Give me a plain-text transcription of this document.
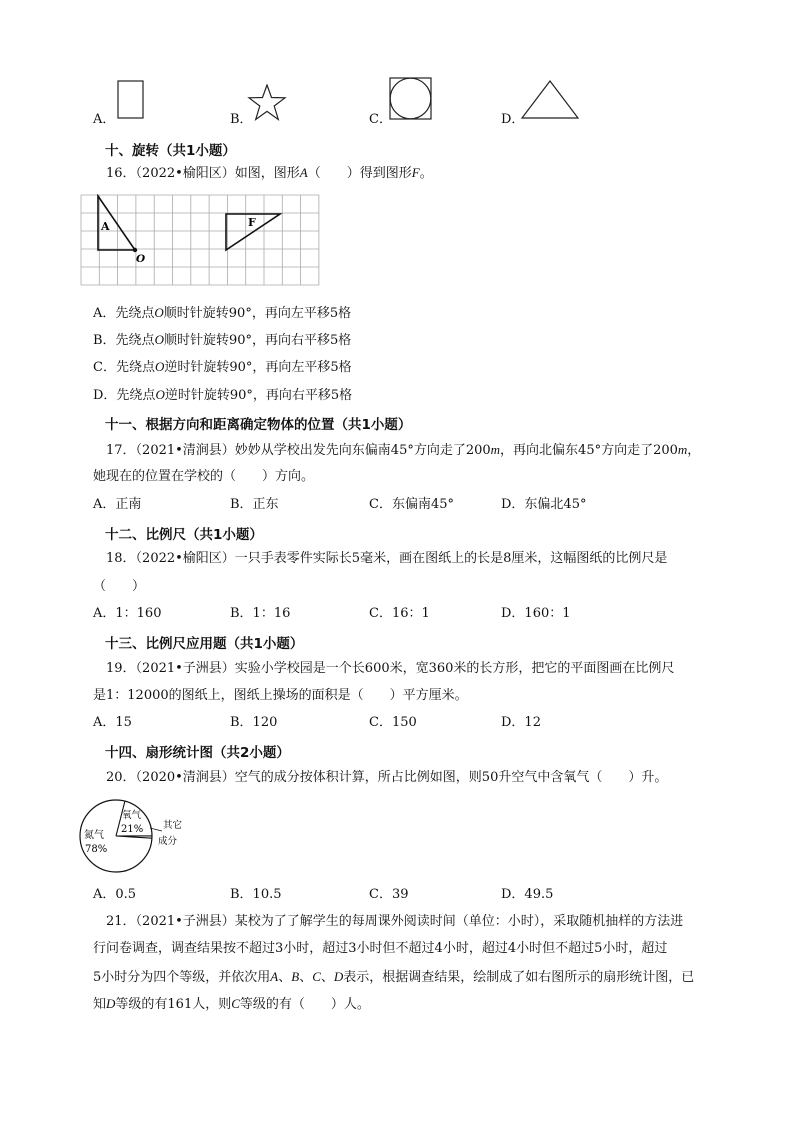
A．	B．	C．	D．
十、旋转（共1小题）
16．（2022•榆阳区）如图，图形A（　　）得到图形F。
A
O
F
A．先绕点O顺时针旋转90°，再向左平移5格
B．先绕点O顺时针旋转90°，再向右平移5格
C．先绕点O逆时针旋转90°，再向左平移5格
D．先绕点O逆时针旋转90°，再向右平移5格
十一、根据方向和距离确定物体的位置（共1小题）
17．（2021•清涧县）妙妙从学校出发先向东偏南45°方向走了200m，再向北偏东45°方向走了200m，
她现在的位置在学校的（　　）方向。
A．正南	B．正东	C．东偏南45°	D．东偏北45°
十二、比例尺（共1小题）
18．（2022•榆阳区）一只手表零件实际长5毫米，画在图纸上的长是8厘米，这幅图纸的比例尺是
（　　）
A．1：160	B．1：16	C．16：1	D．160：1
十三、比例尺应用题（共1小题）
19．（2021•子洲县）实验小学校园是一个长600米，宽360米的长方形，把它的平面图画在比例尺
是1：12000的图纸上，图纸上操场的面积是（　　）平方厘米。
A．15	B．120	C．150	D．12
十四、扇形统计图（共2小题）
20．（2020•清涧县）空气的成分按体积计算，所占比例如图，则50升空气中含氧气（　　）升。
氮气
78%
氧气
21% 其它
成分
A．0.5	B．10.5	C．39	D．49.5
21．（2021•子洲县）某校为了了解学生的每周课外阅读时间（单位：小时），采取随机抽样的方法进
行问卷调查，调查结果按不超过3小时，超过3小时但不超过4小时，超过4小时但不超过5小时，超过
5小时分为四个等级，并依次用A、B、C、D表示，根据调查结果，绘制成了如右图所示的扇形统计图，已
知D等级的有161人，则C等级的有（　　）人。
